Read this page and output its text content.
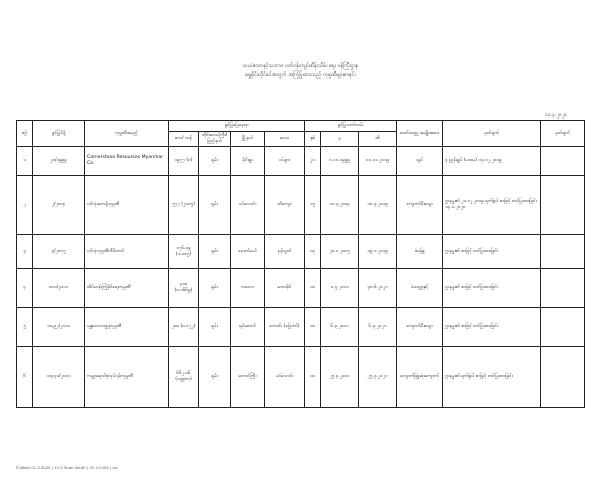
သယံဇာတနှင့်သဘာဝ ပတ်ဝန်းကျင်ထိန်းသိမ်း ရေး ဝန်ကြီးဌာန
ရွှေမိုင်းလိုင်စင်အတွက် အကြံပြုထားသည့် ကုမ္ပဏီများစာရင်း
၁၁.၃.၂၀၂၀
စဉ်	ခွင့်ပြုမိန့်	ကုမ္ပဏီအမည်	ခွင့်ပြုမြေနေရာ				ခွင့်ပြုသက်တမ်း			ဓာတ်သတ္တု အမျိုးအစား	မှတ်ချက်	မှတ်ချက်
			ဧက/ တန်	တိုင်းဒေသကြီး/ ပြည်နယ်	မြို့နယ်	ဒေသ	နှစ်	မှ	ထိ			
၁	၂၀/၁၉၉၉	Cornerstone Resources Myanmar Co.	၁၉၇၇ (၈)	ရှမ်း	မိုင်းရှူး	လဲချား	၂၀	၁.၁၁.၁၉၉၉	၁၁.၁၁.၂၀၁၉	သွပ်	ဒု ညွှန်ချုပ် (ပထမ) ၁၃.၁၂.၂၀၁၉	
၂	၂/၂၀၀၄	ပင်လုံအကန့်ကုမ္ပဏီ	၅၇၇ (၂၀၀၅)	ရှမ်း	ပင်လောင်း	တိကျော	၁၅	၁၁.၃.၂၀၀၄	၁၀.၃.၂၀၁၉	ကျောက်မီးသွေး	ဌာနမှူး၏ ၂၁.၁၂.၂၀၁၉ ရက်စွဲပါ စာဖြင့် တင်ပြထားခြင်း ၁၄.၁.၂၀၂၀	
၃	၃/၂၀၀၅	ပင်လုံကုမ္ပဏီလီမိတက်	၁၇၆.၀၉ (၁.၀၀၅)	ရှမ်း	မောက်မယ်	နမ့်လွတ်	၁၄	၂၀.၁.၂၀၀၅	၁၉.၁.၂၀၁၉	ခဲမဖြူ	ဌာနမှူး၏ စာဖြင့် တင်ပြထားခြင်း	
၄	၀၀၁/၂၀၁၁	ထိပ်တန်းကြံ့ခိုင်ရေးကုမ္ပဏီ	၄၁၈ (၀.၁၆၆၉)	ရှမ်း	ကလော	ဘောခိုင်	၁၀	၁.၅.၂၀၁၁	၃၀.၆.၂၀၂၁	ခဲသတ္တုနှင့်	ဌာနမှူး၏ စာဖြင့် တင်ပြထားခြင်း	
၅	၁၀,၉၂/၂၀၁၁	မန္တလေးသတ္တုကုမ္ပဏီ	၂၀၀ (၈.၈၂၂)	ရှမ်း	ရပ်စောက်	ကောင်း (မြောက်)	၁၀	၆.၃.၂၀၁၁	၆.၃.၂၀၂၁	ကျောက်မီးသွေး	ဌာနမှူး၏ စာဖြင့် တင်ပြထားခြင်း	
၆	၁၀၄၃၁/၂၀၁၁	ကမ္ဘာ့ရောင်စုံလုပ်ငန်းကုမ္ပဏီ	၆၆၂.၀၆ (၁၃၉၈၀)	ရှမ်း	တောင်ကြီး	ပင်လောင်း	၁၀	၂၅.၃.၂၀၁၁	၂၅.၃.၂၀၂၁	ကျောက်ဖြူဆုံးကျောက်	ဌာနမှူး၏ ရက်စွဲပါ စာဖြင့် တင်ပြထားခြင်း	
F:\Web\ 01.3.2020 | 11.0 Shan South | 31.3.2020 | xls
